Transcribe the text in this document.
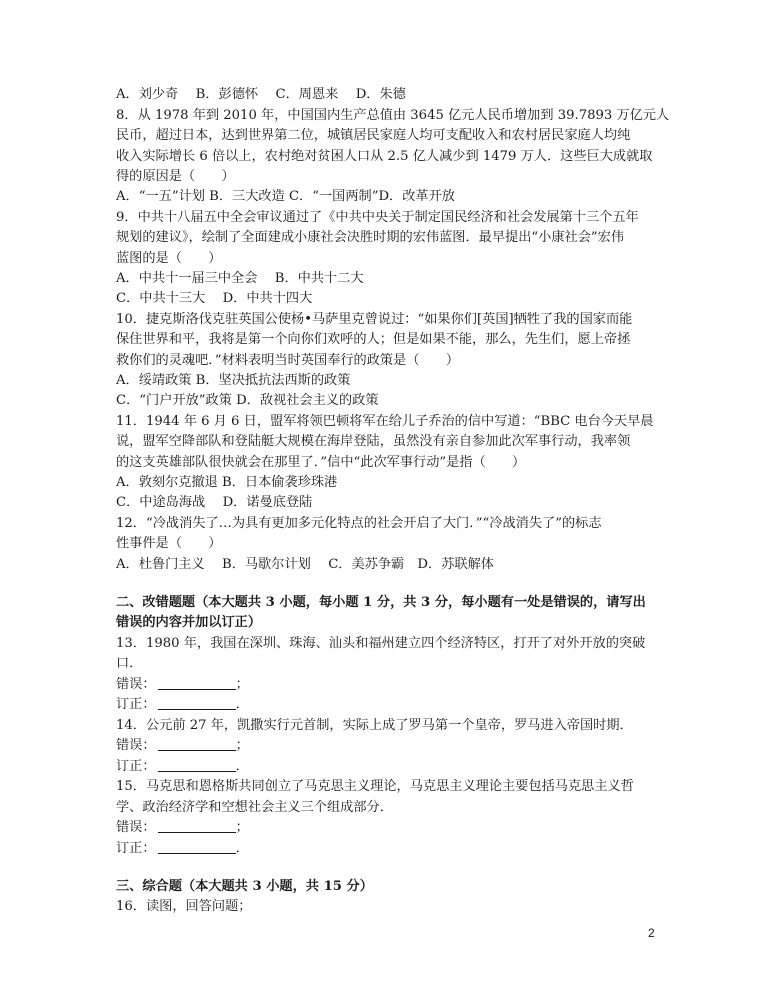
A．刘少奇　 B．彭德怀　 C．周恩来　 D．朱德
8．从 1978 年到 2010 年，中国国内生产总值由 3645 亿元人民币增加到 39.7893 万亿元人
民币，超过日本，达到世界第二位，城镇居民家庭人均可支配收入和农村居民家庭人均纯
收入实际增长 6 倍以上，农村绝对贫困人口从 2.5 亿人减少到 1479 万人．这些巨大成就取
得的原因是（　　）
A．“一五”计划 B．三大改造 C．“一国两制”D．改革开放
9．中共十八届五中全会审议通过了《中共中央关于制定国民经济和社会发展第十三个五年
规划的建议》，绘制了全面建成小康社会决胜时期的宏伟蓝图．最早提出“小康社会”宏伟
蓝图的是（　　）
A．中共十一届三中全会　 B．中共十二大
C．中共十三大　 D．中共十四大
10．捷克斯洛伐克驻英国公使杨•马萨里克曾说过：“如果你们[英国]牺牲了我的国家而能
保住世界和平，我将是第一个向你们欢呼的人；但是如果不能，那么，先生们，愿上帝拯
救你们的灵魂吧．”材料表明当时英国奉行的政策是（　　）
A．绥靖政策 B．坚决抵抗法西斯的政策
C．“门户开放”政策 D．敌视社会主义的政策
11．1944 年 6 月 6 日，盟军将领巴顿将军在给儿子乔治的信中写道：“BBC 电台今天早晨
说，盟军空降部队和登陆艇大规模在海岸登陆，虽然没有亲自参加此次军事行动，我率领
的这支英雄部队很快就会在那里了．”信中“此次军事行动”是指（　　）
A．敦刻尔克撤退 B．日本偷袭珍珠港
C．中途岛海战　 D．诺曼底登陆
12．“冷战消失了…为具有更加多元化特点的社会开启了大门．”“冷战消失了”的标志
性事件是（　　）
A．杜鲁门主义　 B．马歇尔计划　 C．美苏争霸　D．苏联解体
二、改错题题（本大题共 3 小题，每小题 1 分，共 3 分，每小题有一处是错误的，请写出
错误的内容并加以订正）
13．1980 年，我国在深圳、珠海、汕头和福州建立四个经济特区，打开了对外开放的突破
口．
错误：	；
订正：	．
14．公元前 27 年，凯撒实行元首制，实际上成了罗马第一个皇帝，罗马进入帝国时期．
错误：	；
订正：	．
15．马克思和恩格斯共同创立了马克思主义理论，马克思主义理论主要包括马克思主义哲
学、政治经济学和空想社会主义三个组成部分．
错误：	；
订正：	．
三、综合题（本大题共 3 小题，共 15 分）
16．读图，回答问题；
2
